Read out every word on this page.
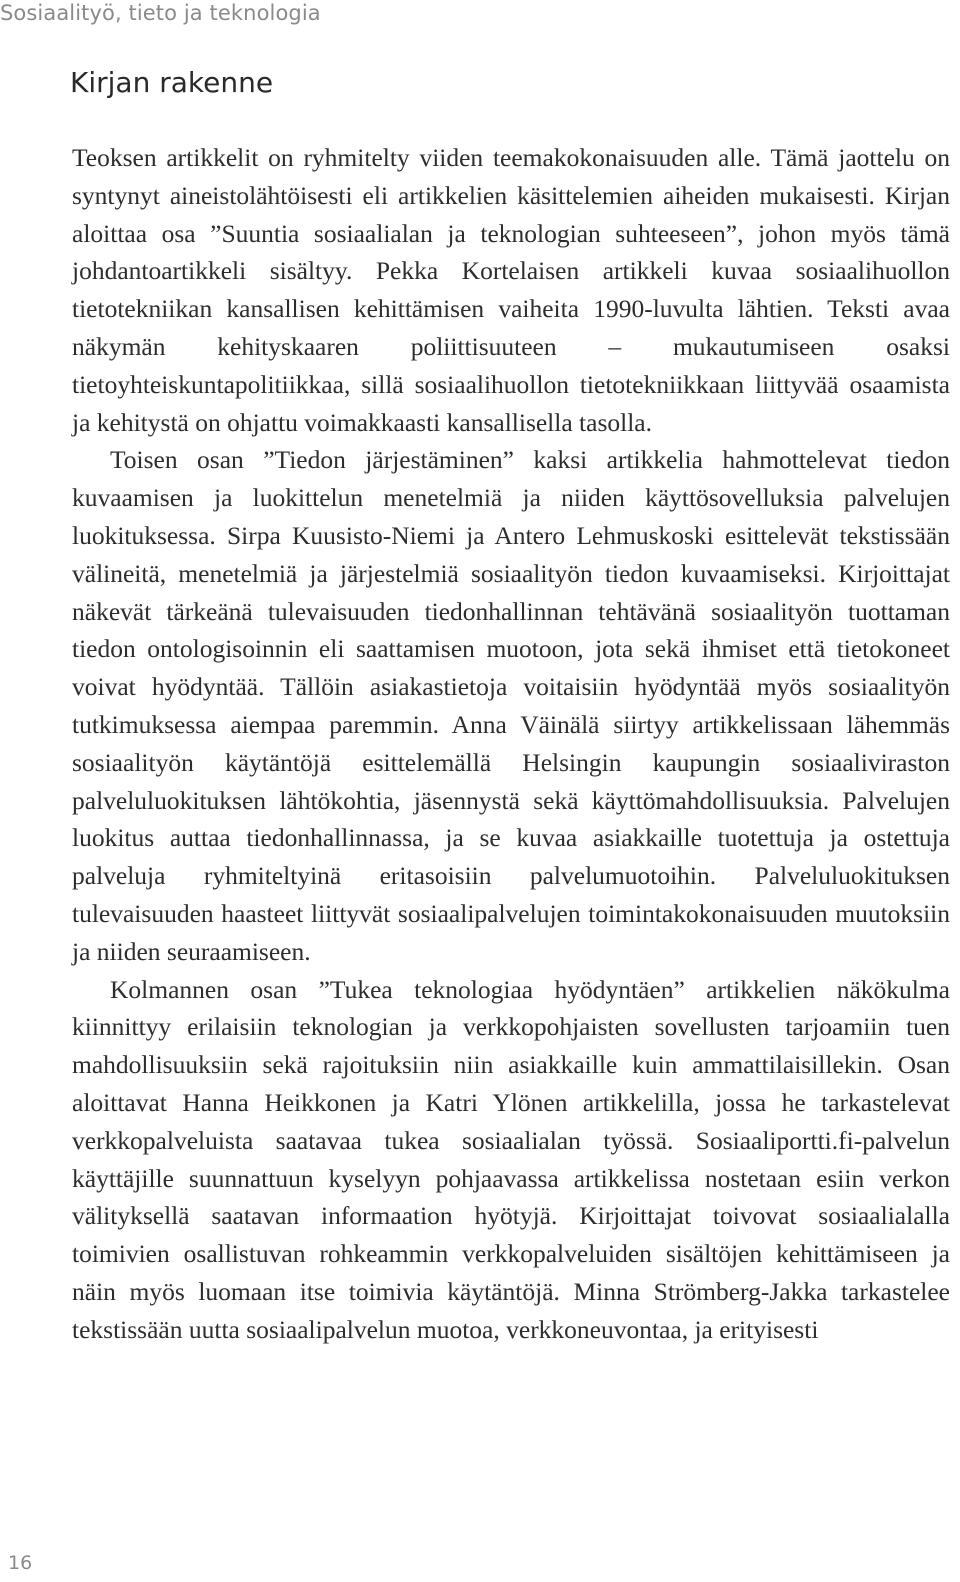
Sosiaalityö, tieto ja teknologia
Kirjan rakenne

Teoksen artikkelit on ryhmitelty viiden teemakokonaisuuden alle. Tämä jaottelu on syntynyt aineistolähtöisesti eli artikkelien käsittelemien aiheiden mukaisesti. Kirjan aloittaa osa ”Suuntia sosiaalialan ja teknologian suhteeseen”, johon myös tämä johdantoartikkeli sisältyy. Pekka Kortelaisen artikkeli kuvaa sosiaalihuollon tietotekniikan kansallisen kehittämisen vaiheita 1990-luvulta lähtien. Teksti avaa näkymän kehityskaaren poliittisuuteen – mukautumiseen osaksi tietoyhteiskuntapolitiikkaa, sillä sosiaalihuollon tietotekniikkaan liittyvää osaamista ja kehitystä on ohjattu voimakkaasti kansallisella tasolla.

Toisen osan ”Tiedon järjestäminen” kaksi artikkelia hahmottelevat tiedon kuvaamisen ja luokittelun menetelmiä ja niiden käyttösovelluksia palvelujen luokituksessa. Sirpa Kuusisto-Niemi ja Antero Lehmuskoski esittelevät tekstissään välineitä, menetelmiä ja järjestelmiä sosiaalityön tiedon kuvaamiseksi. Kirjoittajat näkevät tärkeänä tulevaisuuden tiedonhallinnan tehtävänä sosiaalityön tuottaman tiedon ontologisoinnin eli saattamisen muotoon, jota sekä ihmiset että tietokoneet voivat hyödyntää. Tällöin asiakastietoja voitaisiin hyödyntää myös sosiaalityön tutkimuksessa aiempaa paremmin. Anna Väinälä siirtyy artikkelissaan lähemmäs sosiaalityön käytäntöjä esittelemällä Helsingin kaupungin sosiaaliviraston palveluluokituksen lähtökohtia, jäsennystä sekä käyttömahdollisuuksia. Palvelujen luokitus auttaa tiedonhallinnassa, ja se kuvaa asiakkaille tuotettuja ja ostettuja palveluja ryhmiteltyinä eritasoisiin palvelumuotoihin. Palveluluokituksen tulevaisuuden haasteet liittyvät sosiaalipalvelujen toimintakokonaisuuden muutoksiin ja niiden seuraamiseen.

Kolmannen osan ”Tukea teknologiaa hyödyntäen” artikkelien näkökulma kiinnittyy erilaisiin teknologian ja verkkopohjaisten sovellusten tarjoamiin tuen mahdollisuuksiin sekä rajoituksiin niin asiakkaille kuin ammattilaisillekin. Osan aloittavat Hanna Heikkonen ja Katri Ylönen artikkelilla, jossa he tarkastelevat verkkopalveluista saatavaa tukea sosiaalialan työssä. Sosiaaliportti.fi-palvelun käyttäjille suunnattuun kyselyyn pohjaavassa artikkelissa nostetaan esiin verkon välityksellä saatavan informaation hyötyjä. Kirjoittajat toivovat sosiaalialalla toimivien osallistuvan rohkeammin verkkopalveluiden sisältöjen kehittämiseen ja näin myös luomaan itse toimivia käytäntöjä. Minna Strömberg-Jakka tarkastelee tekstissään uutta sosiaalipalvelun muotoa, verkkoneuvontaa, ja erityisesti

16
